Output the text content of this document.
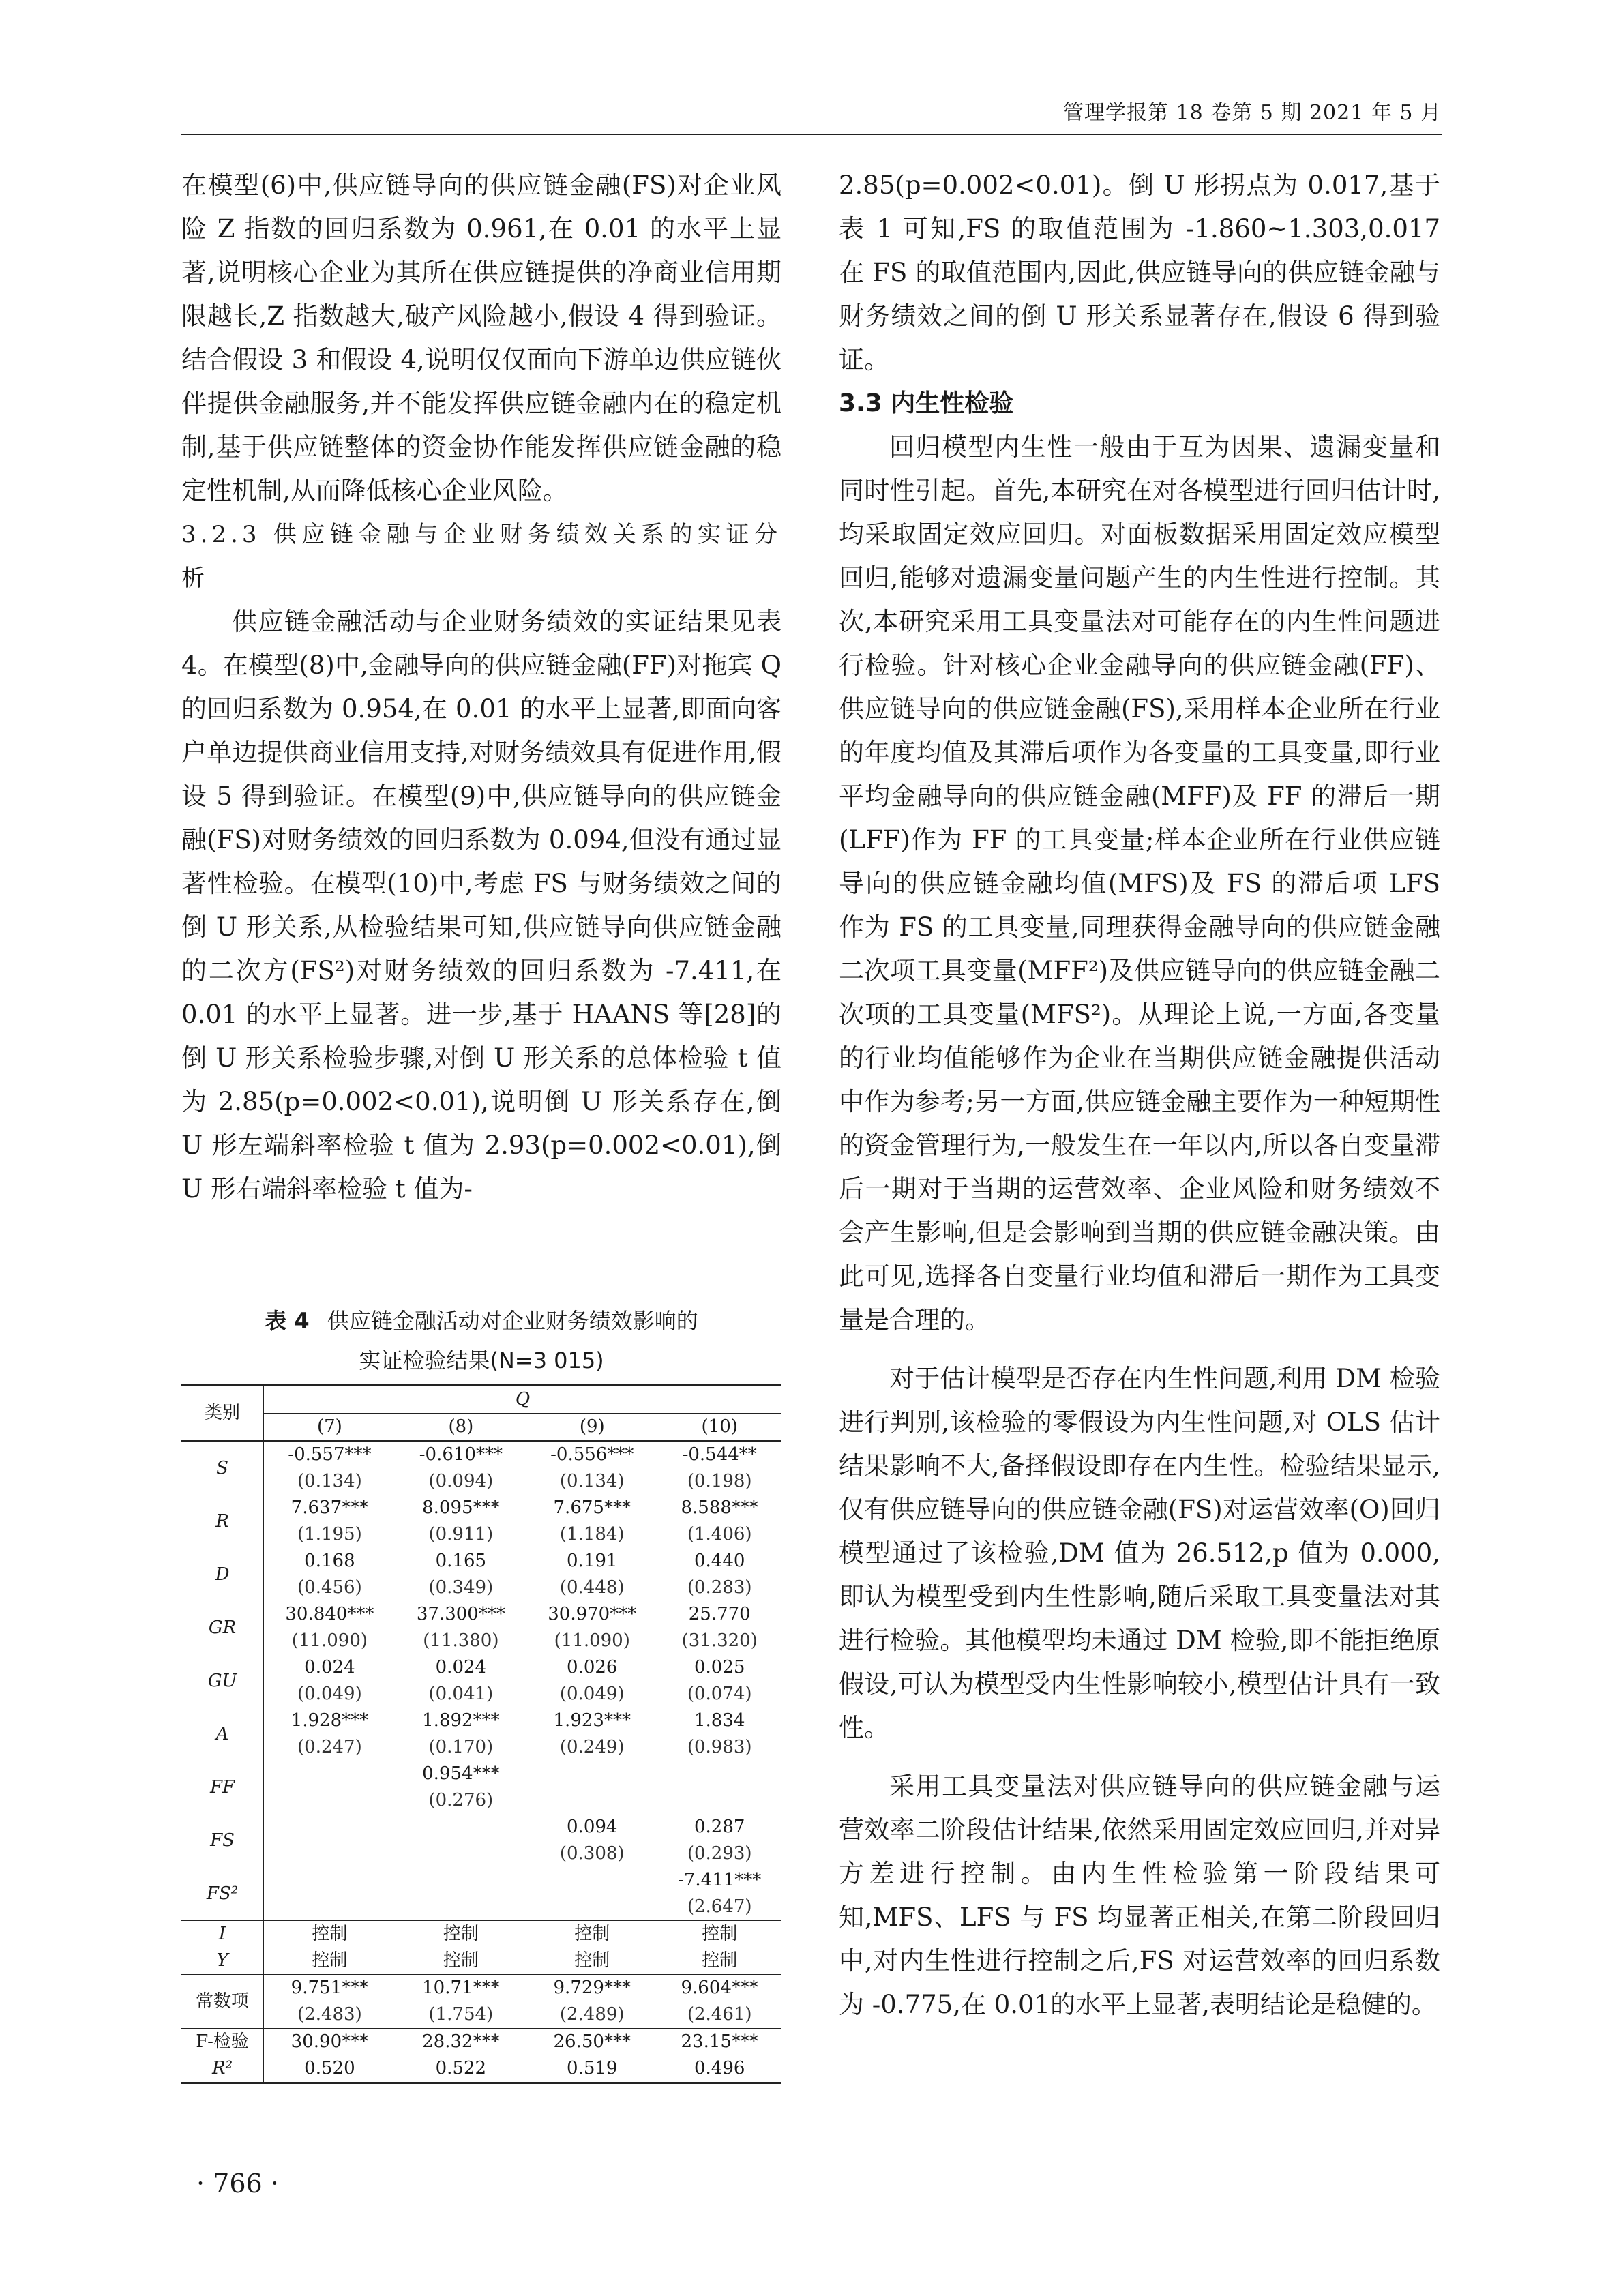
管理学报第 18 卷第 5 期 2021 年 5 月

在模型(6)中,供应链导向的供应链金融(FS)对企业风险 Z 指数的回归系数为 0.961,在 0.01 的水平上显著,说明核心企业为其所在供应链提供的净商业信用期限越长,Z 指数越大,破产风险越小,假设 4 得到验证。结合假设 3 和假设 4,说明仅仅面向下游单边供应链伙伴提供金融服务,并不能发挥供应链金融内在的稳定机制,基于供应链整体的资金协作能发挥供应链金融的稳定性机制,从而降低核心企业风险。

3.2.3 供应链金融与企业财务绩效关系的实证分析

供应链金融活动与企业财务绩效的实证结果见表 4。在模型(8)中,金融导向的供应链金融(FF)对拖宾 Q 的回归系数为 0.954,在 0.01 的水平上显著,即面向客户单边提供商业信用支持,对财务绩效具有促进作用,假设 5 得到验证。在模型(9)中,供应链导向的供应链金融(FS)对财务绩效的回归系数为 0.094,但没有通过显著性检验。在模型(10)中,考虑 FS 与财务绩效之间的倒 U 形关系,从检验结果可知,供应链导向供应链金融的二次方(FS²)对财务绩效的回归系数为 -7.411,在 0.01 的水平上显著。进一步,基于 HAANS 等[28]的倒 U 形关系检验步骤,对倒 U 形关系的总体检验 t 值为 2.85(p=0.002<0.01),说明倒 U 形关系存在,倒 U 形左端斜率检验 t 值为 2.93(p=0.002<0.01),倒 U 形右端斜率检验 t 值为-

表 4 供应链金融活动对企业财务绩效影响的
实证检验结果(N=3 015)
类别	Q			
	(7)	(8)	(9)	(10)
S	-0.557***	-0.610***	-0.556***	-0.544**
	(0.134)	(0.094)	(0.134)	(0.198)
R	7.637***	8.095***	7.675***	8.588***
	(1.195)	(0.911)	(1.184)	(1.406)
D	0.168	0.165	0.191	0.440
	(0.456)	(0.349)	(0.448)	(0.283)
GR	30.840***	37.300***	30.970***	25.770
	(11.090)	(11.380)	(11.090)	(31.320)
GU	0.024	0.024	0.026	0.025
	(0.049)	(0.041)	(0.049)	(0.074)
A	1.928***	1.892***	1.923***	1.834
	(0.247)	(0.170)	(0.249)	(0.983)
FF		0.954***		
		(0.276)		
FS			0.094	0.287
			(0.308)	(0.293)
FS²				-7.411***
				(2.647)
I	控制	控制	控制	控制
Y	控制	控制	控制	控制
常数项	9.751***	10.71***	9.729***	9.604***
	(2.483)	(1.754)	(2.489)	(2.461)
F-检验	30.90***	28.32***	26.50***	23.15***
R²	0.520	0.522	0.519	0.496

2.85(p=0.002<0.01)。倒 U 形拐点为 0.017,基于表 1 可知,FS 的取值范围为 -1.860~1.303,0.017 在 FS 的取值范围内,因此,供应链导向的供应链金融与财务绩效之间的倒 U 形关系显著存在,假设 6 得到验证。

3.3 内生性检验

回归模型内生性一般由于互为因果、遗漏变量和同时性引起。首先,本研究在对各模型进行回归估计时,均采取固定效应回归。对面板数据采用固定效应模型回归,能够对遗漏变量问题产生的内生性进行控制。其次,本研究采用工具变量法对可能存在的内生性问题进行检验。针对核心企业金融导向的供应链金融(FF)、供应链导向的供应链金融(FS),采用样本企业所在行业的年度均值及其滞后项作为各变量的工具变量,即行业平均金融导向的供应链金融(MFF)及 FF 的滞后一期(LFF)作为 FF 的工具变量;样本企业所在行业供应链导向的供应链金融均值(MFS)及 FS 的滞后项 LFS 作为 FS 的工具变量,同理获得金融导向的供应链金融二次项工具变量(MFF²)及供应链导向的供应链金融二次项的工具变量(MFS²)。从理论上说,一方面,各变量的行业均值能够作为企业在当期供应链金融提供活动中作为参考;另一方面,供应链金融主要作为一种短期性的资金管理行为,一般发生在一年以内,所以各自变量滞后一期对于当期的运营效率、企业风险和财务绩效不会产生影响,但是会影响到当期的供应链金融决策。由此可见,选择各自变量行业均值和滞后一期作为工具变量是合理的。

对于估计模型是否存在内生性问题,利用 DM 检验进行判别,该检验的零假设为内生性问题,对 OLS 估计结果影响不大,备择假设即存在内生性。检验结果显示,仅有供应链导向的供应链金融(FS)对运营效率(O)回归模型通过了该检验,DM 值为 26.512,p 值为 0.000,即认为模型受到内生性影响,随后采取工具变量法对其进行检验。其他模型均未通过 DM 检验,即不能拒绝原假设,可认为模型受内生性影响较小,模型估计具有一致性。

采用工具变量法对供应链导向的供应链金融与运营效率二阶段估计结果,依然采用固定效应回归,并对异方差进行控制。由内生性检验第一阶段结果可知,MFS、LFS 与 FS 均显著正相关,在第二阶段回归中,对内生性进行控制之后,FS 对运营效率的回归系数为 -0.775,在 0.01的水平上显著,表明结论是稳健的。

· 766 ·
